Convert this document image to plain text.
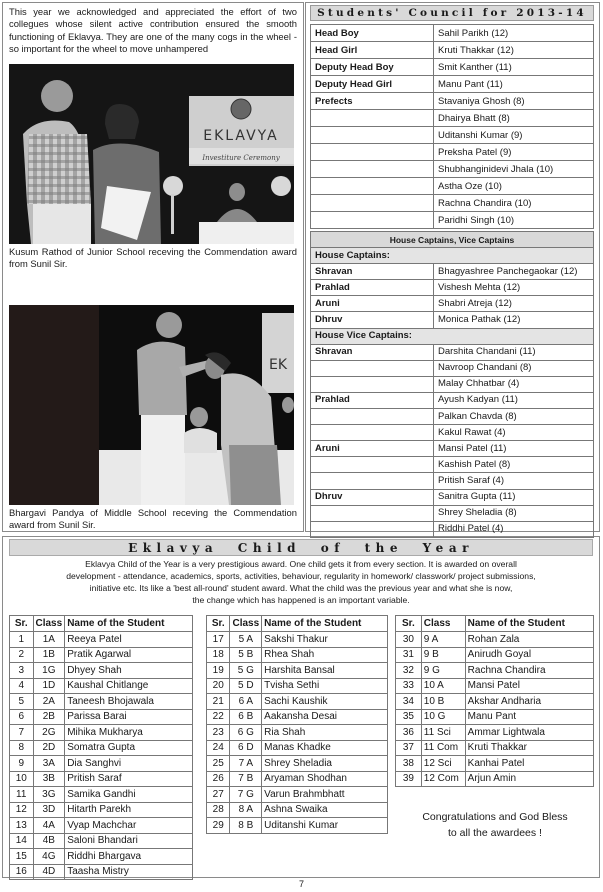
This year we acknowledged and appreciated the effort of two collegues whose silent active contribution ensured the smooth functioning of Eklavya. They are one of the many cogs in the wheel - so important for the wheel to move unhampered

EKLAVYA
Investiture Ceremony

Kusum Rathod of Junior School receving the Commendation award from Sunil Sir.

EK

Bhargavi Pandya of Middle School receving the Commendation award from Sunil Sir.

Students' Council for 2013-14
Head Boy	Sahil Parikh (12)
Head Girl	Kruti Thakkar (12)
Deputy Head Boy	Smit Kanther (11)
Deputy Head Girl	Manu Pant (11)
Prefects	Stavaniya Ghosh (8)
	Dhairya Bhatt (8)
	Uditanshi Kumar (9)
	Preksha Patel (9)
	Shubhanginidevi Jhala (10)
	Astha Oze (10)
	Rachna Chandira (10)
	Paridhi Singh (10)
House Captains, Vice Captains	
House Captains:	
Shravan	Bhagyashree Panchegaokar (12)
Prahlad	Vishesh Mehta (12)
Aruni	Shabri Atreja (12)
Dhruv	Monica Pathak (12)
House Vice Captains:	
Shravan	Darshita Chandani (11)
	Navroop Chandani (8)
	Malay Chhatbar (4)
Prahlad	Ayush Kadyan (11)
	Palkan Chavda (8)
	Kakul Rawat (4)
Aruni	Mansi Patel (11)
	Kashish Patel (8)
	Pritish Saraf (4)
Dhruv	Sanitra Gupta (11)
	Shrey Sheladia (8)
	Riddhi Patel (4)
Eklavya Child of the Year
Eklavya Child of the Year is a very prestigious award. One child gets it from every section. It is awarded on overall
development - attendance, academics, sports, activities, behaviour, regularity in homework/ classwork/ project submissions,
initiative etc. Its like a 'best all-round' student award. What the child was the previous year and what she is now,
the change which has happened is an important variable.
Sr.	Class	Name of the Student
1	1A	Reeya Patel
2	1B	Pratik Agarwal
3	1G	Dhyey Shah
4	1D	Kaushal Chitlange
5	2A	Taneesh Bhojawala
6	2B	Parissa Barai
7	2G	Mihika Mukharya
8	2D	Somatra Gupta
9	3A	Dia Sanghvi
10	3B	Pritish Saraf
11	3G	Samika Gandhi
12	3D	Hitarth Parekh
13	4A	Vyap Machchar
14	4B	Saloni Bhandari
15	4G	Riddhi Bhargava
16	4D	Taasha Mistry
Sr.	Class	Name of the Student
17	5 A	Sakshi Thakur
18	5 B	Rhea Shah
19	5 G	Harshita Bansal
20	5 D	Tvisha Sethi
21	6 A	Sachi Kaushik
22	6 B	Aakansha Desai
23	6 G	Ria Shah
24	6 D	Manas Khadke
25	7 A	Shrey Sheladia
26	7 B	Aryaman Shodhan
27	7 G	Varun Brahmbhatt
28	8 A	Ashna Swaika
29	8 B	Uditanshi Kumar
Sr.	Class	Name of the Student
30	9 A	Rohan Zala
31	9 B	Anirudh Goyal
32	9 G	Rachna Chandira
33	10 A	Mansi Patel
34	10 B	Akshar Andharia
35	10 G	Manu Pant
36	11 Sci	Ammar Lightwala
37	11 Com	Kruti Thakkar
38	12 Sci	Kanhai Patel
39	12 Com	Arjun Amin
Congratulations and God Bless
to all the awardees !
7
